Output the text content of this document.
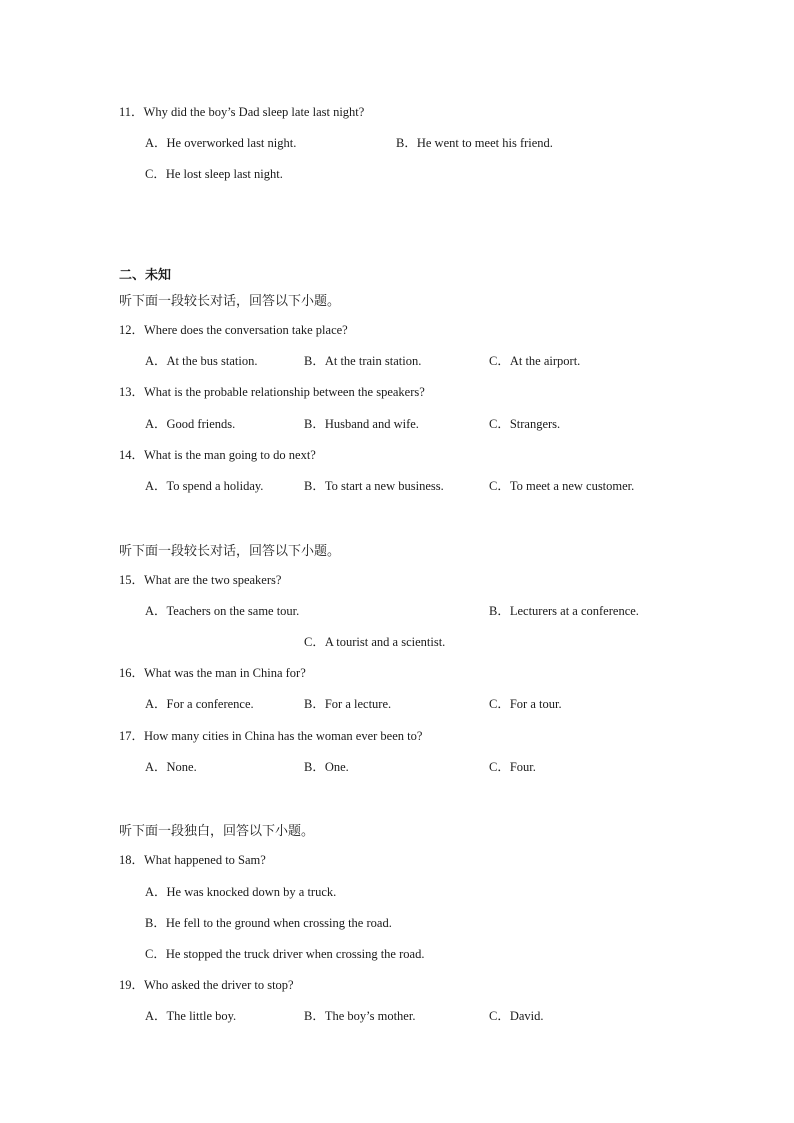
11．Why did the boy’s Dad sleep late last night?
A．He overworked last night.	B．He went to meet his friend.
C．He lost sleep last night.
二、未知
听下面一段较长对话，回答以下小题。
12．Where does the conversation take place?
A．At the bus station.	B．At the train station.	C．At the airport.
13．What is the probable relationship between the speakers?
A．Good friends.	B．Husband and wife.	C．Strangers.
14．What is the man going to do next?
A．To spend a holiday.	B．To start a new business.	C．To meet a new customer.
听下面一段较长对话，回答以下小题。
15．What are the two speakers?
A．Teachers on the same tour.	B．Lecturers at a conference.
C．A tourist and a scientist.
16．What was the man in China for?
A．For a conference.	B．For a lecture.	C．For a tour.
17．How many cities in China has the woman ever been to?
A．None.	B．One.	C．Four.
听下面一段独白，回答以下小题。
18．What happened to Sam?
A．He was knocked down by a truck.
B．He fell to the ground when crossing the road.
C．He stopped the truck driver when crossing the road.
19．Who asked the driver to stop?
A．The little boy.	B．The boy’s mother.	C．David.
